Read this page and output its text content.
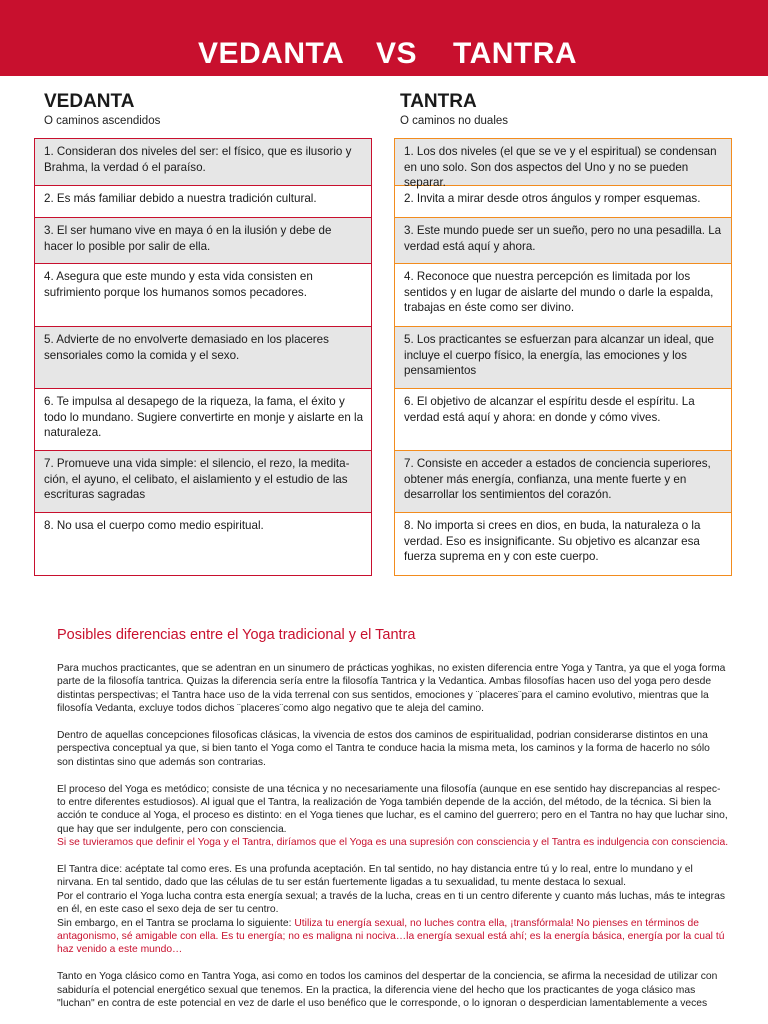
VEDANTA VS TANTRA
VEDANTA
O caminos ascendidos
TANTRA
O caminos no duales
1. Consideran dos niveles del ser: el físico, que es ilusorio y Brahma, la verdad ó el paraíso.
2. Es más familiar debido a nuestra tradición cultural.
3. El ser humano vive en maya ó en la ilusión y debe de hacer lo posible por salir de ella.
4. Asegura que este mundo y esta vida consisten en sufrimiento porque los humanos somos pecadores.
5. Advierte de no envolverte demasiado en los placeres sensoriales como la comida y el sexo.
6. Te impulsa al desapego de la riqueza, la fama, el éxito y todo lo mundano. Sugiere convertirte en monje y aislarte en la naturaleza.
7. Promueve una vida simple: el silencio, el rezo, la medita- ción, el ayuno, el celibato, el aislamiento y el estudio de las escrituras sagradas
8. No usa el cuerpo como medio espiritual.
1. Los dos niveles (el que se ve y el espiritual) se condensan en uno solo. Son dos aspectos del Uno y no se pueden separar.
2. Invita a mirar desde otros ángulos y romper esquemas.
3. Este mundo puede ser un sueño, pero no una pesadilla. La verdad está aquí y ahora.
4. Reconoce que nuestra percepción es limitada por los sentidos y en lugar de aislarte del mundo o darle la espalda, trabajas en éste como ser divino.
5. Los practicantes se esfuerzan para alcanzar un ideal, que incluye el cuerpo físico, la energía, las emociones y los pensamientos
6. El objetivo de alcanzar el espíritu desde el espíritu. La verdad está aquí y ahora: en donde y cómo vives.
7. Consiste en acceder a estados de conciencia superiores, obtener más energía, confianza, una mente fuerte y en desarrollar los sentimientos del corazón.
8. No importa si crees en dios, en buda, la naturaleza o la verdad. Eso es insignificante. Su objetivo es alcanzar esa fuerza suprema en y con este cuerpo.
Posibles diferencias entre el Yoga tradicional y el Tantra

Para muchos practicantes, que se adentran en un sinumero de prácticas yoghikas, no existen diferencia entre Yoga y Tantra, ya que el yoga forma parte de la filosofía tantrica. Quizas la diferencia sería entre la filosofía Tantrica y la Vedantica. Ambas filosofías hacen uso del yoga pero desde distintas perspectivas; el Tantra hace uso de la vida terrenal con sus sentidos, emociones y ¨placeres¨para el camino evolutivo, mientras que la filosofía Vedanta, excluye todos dichos ¨placeres¨como algo negativo que te aleja del camino.

Dentro de aquellas concepciones filosoficas clásicas, la vivencia de estos dos caminos de espiritualidad, podrian considerarse distintos en una perspectiva conceptual ya que, si bien tanto el Yoga como el Tantra te conduce hacia la misma meta, los caminos y la forma de hacerlo no sólo son distintas sino que además son contrarias.

El proceso del Yoga es metódico; consiste de una técnica y no necesariamente una filosofía (aunque en ese sentido hay discrepancias al respec- to entre diferentes estudiosos). Al igual que el Tantra, la realización de Yoga también depende de la acción, del método, de la técnica. Si bien la acción te conduce al Yoga, el proceso es distinto: en el Yoga tienes que luchar, es el camino del guerrero; pero en el Tantra no hay que luchar sino, que hay que ser indulgente, pero con consciencia.
Si se tuvieramos que definir el Yoga y el Tantra, diríamos que el Yoga es una supresión con consciencia y el Tantra es indulgencia con consciencia.

El Tantra dice: acéptate tal como eres. Es una profunda aceptación. En tal sentido, no hay distancia entre tú y lo real, entre lo mundano y el nirvana. En tal sentido, dado que las células de tu ser están fuertemente ligadas a tu sexualidad, tu mente destaca lo sexual.
Por el contrario el Yoga lucha contra esta energía sexual; a través de la lucha, creas en ti un centro diferente y cuanto más luchas, más te integras en él, en este caso el sexo deja de ser tu centro.
Sin embargo, en el Tantra se proclama lo siguiente: Utiliza tu energía sexual, no luches contra ella, ¡transfórmala! No pienses en términos de antagonismo, sé amigable con ella. Es tu energía; no es maligna ni nociva…la energía sexual está ahí; es la energía básica, energía por la cual tú haz venido a este mundo…

Tanto en Yoga clásico como en Tantra Yoga, asi como en todos los caminos del despertar de la conciencia, se afirma la necesidad de utilizar con sabiduría el potencial energético sexual que tenemos. En la practica, la diferencia viene del hecho que los practicantes de yoga clásico mas "luchan" en contra de este potencial en vez de darle el uso benéfico que le corresponde, o lo ignoran o desperdician lamentablemente a veces
